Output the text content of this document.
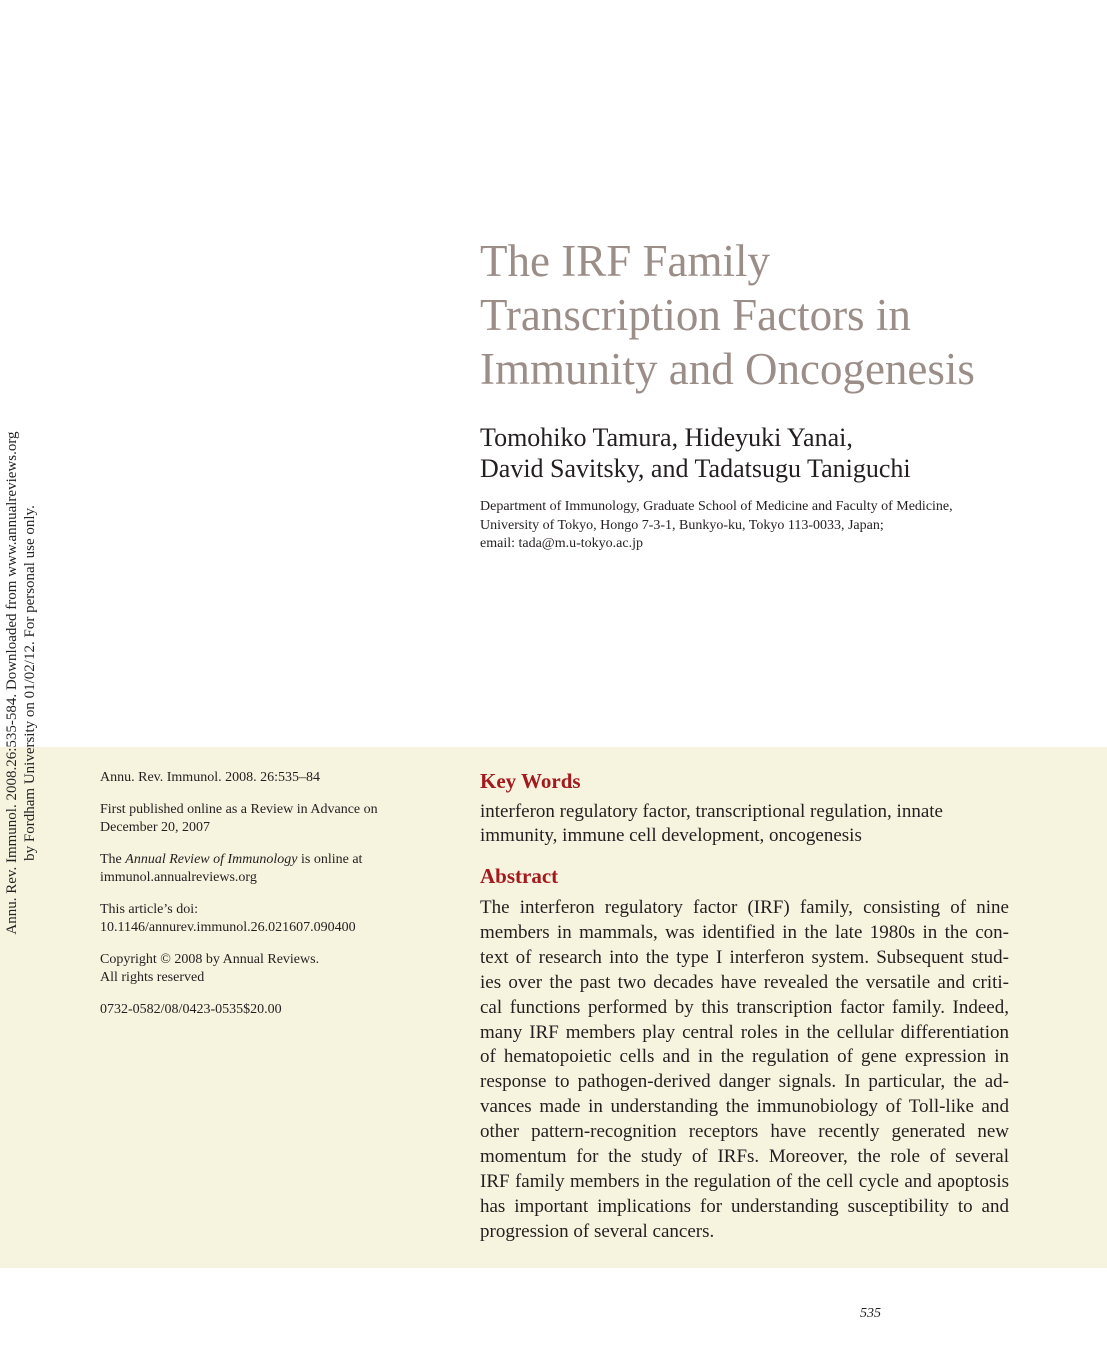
Annu. Rev. Immunol. 2008.26:535-584. Downloaded from www.annualreviews.org by Fordham University on 01/02/12. For personal use only.
The IRF Family
Transcription Factors in
Immunity and Oncogenesis
Tomohiko Tamura, Hideyuki Yanai,
David Savitsky, and Tadatsugu Taniguchi
Department of Immunology, Graduate School of Medicine and Faculty of Medicine,
University of Tokyo, Hongo 7-3-1, Bunkyo-ku, Tokyo 113-0033, Japan;
email: tada@m.u-tokyo.ac.jp

Annu. Rev. Immunol. 2008. 26:535–84

First published online as a Review in Advance on
December 20, 2007

The Annual Review of Immunology is online at
immunol.annualreviews.org

This article’s doi:
10.1146/annurev.immunol.26.021607.090400

Copyright © 2008 by Annual Reviews.
All rights reserved

0732-0582/08/0423-0535$20.00

Key Words
interferon regulatory factor, transcriptional regulation, innate
immunity, immune cell development, oncogenesis
Abstract
The interferon regulatory factor (IRF) family, consisting of nine
members in mammals, was identified in the late 1980s in the con-
text of research into the type I interferon system. Subsequent stud-
ies over the past two decades have revealed the versatile and criti-
cal functions performed by this transcription factor family. Indeed,
many IRF members play central roles in the cellular differentiation
of hematopoietic cells and in the regulation of gene expression in
response to pathogen-derived danger signals. In particular, the ad-
vances made in understanding the immunobiology of Toll-like and
other pattern-recognition receptors have recently generated new
momentum for the study of IRFs. Moreover, the role of several
IRF family members in the regulation of the cell cycle and apoptosis
has important implications for understanding susceptibility to and
progression of several cancers.
535
